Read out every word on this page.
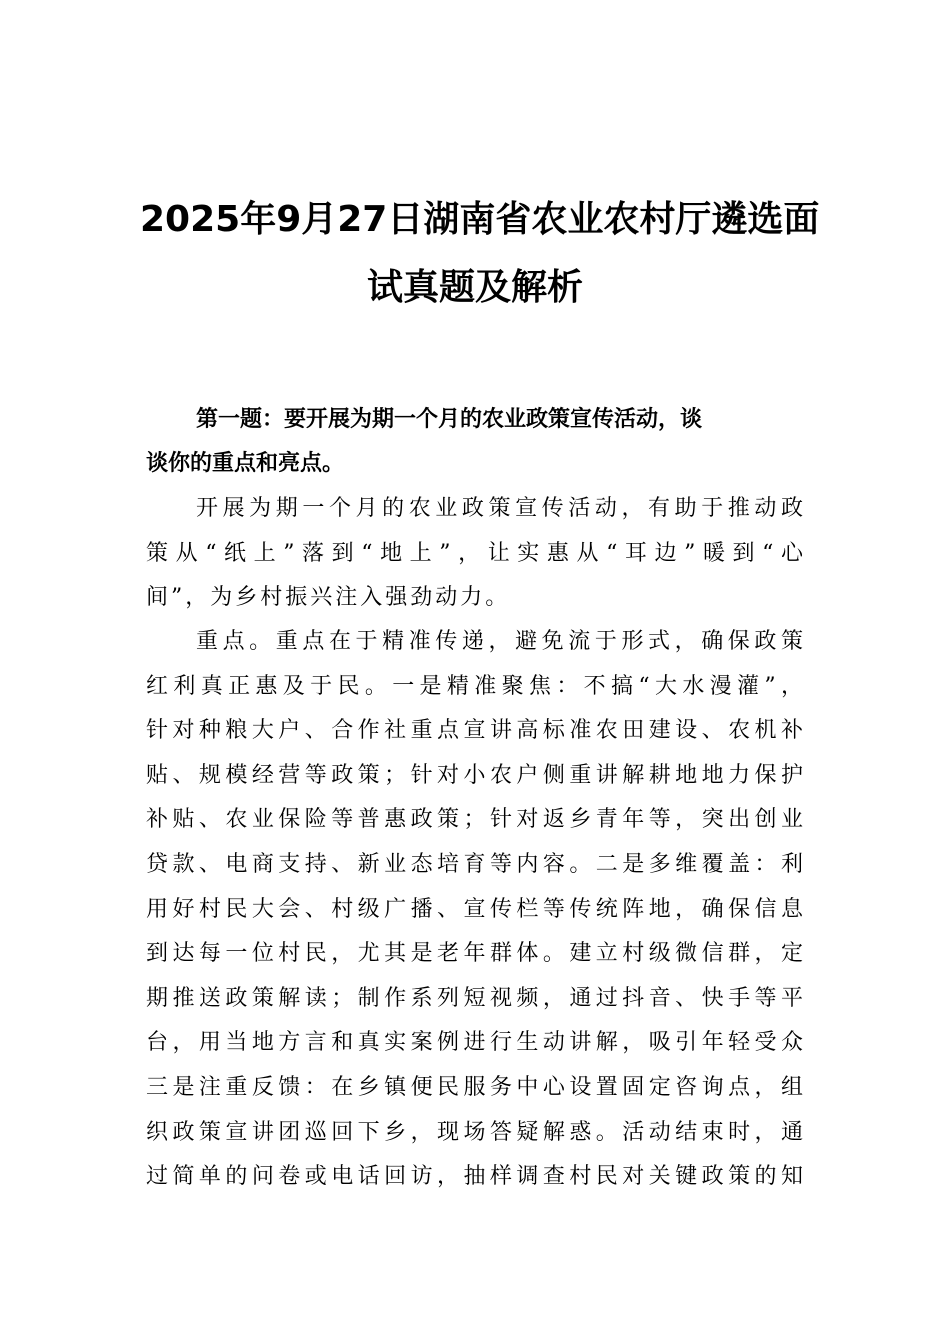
2025年9月27日湖南省农业农村厅遴选面
试真题及解析

第一题：要开展为期一个月的农业政策宣传活动，谈
谈你的重点和亮点。

开展为期一个月的农业政策宣传活动，有助于推动政
策从“纸上”落到“地上”，让实惠从“耳边”暖到“心
间”，为乡村振兴注入强劲动力。

重点。重点在于精准传递，避免流于形式，确保政策
红利真正惠及于民。一是精准聚焦：不搞“大水漫灌”，
针对种粮大户、合作社重点宣讲高标准农田建设、农机补
贴、规模经营等政策；针对小农户侧重讲解耕地地力保护
补贴、农业保险等普惠政策；针对返乡青年等，突出创业
贷款、电商支持、新业态培育等内容。二是多维覆盖：利
用好村民大会、村级广播、宣传栏等传统阵地，确保信息
到达每一位村民，尤其是老年群体。建立村级微信群，定
期推送政策解读；制作系列短视频，通过抖音、快手等平
台，用当地方言和真实案例进行生动讲解，吸引年轻受众
三是注重反馈：在乡镇便民服务中心设置固定咨询点，组
织政策宣讲团巡回下乡，现场答疑解惑。活动结束时，通
过简单的问卷或电话回访，抽样调查村民对关键政策的知
